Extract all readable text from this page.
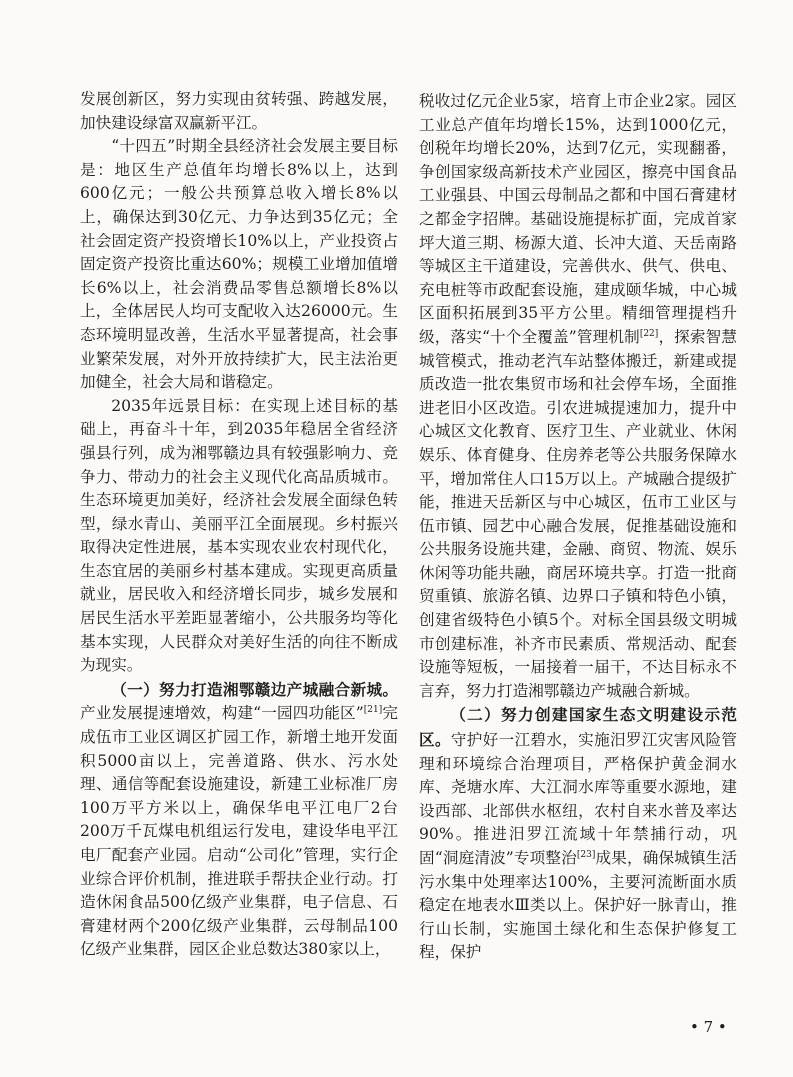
发展创新区，努力实现由贫转强、跨越发展，加快建设绿富双赢新平江。

“十四五”时期全县经济社会发展主要目标是：地区生产总值年均增长8%以上，达到600亿元；一般公共预算总收入增长8%以上，确保达到30亿元、力争达到35亿元；全社会固定资产投资增长10%以上，产业投资占固定资产投资比重达60%；规模工业增加值增长6%以上，社会消费品零售总额增长8%以上，全体居民人均可支配收入达26000元。生态环境明显改善，生活水平显著提高，社会事业繁荣发展，对外开放持续扩大，民主法治更加健全，社会大局和谐稳定。

2035年远景目标：在实现上述目标的基础上，再奋斗十年，到2035年稳居全省经济强县行列，成为湘鄂赣边具有较强影响力、竞争力、带动力的社会主义现代化高品质城市。生态环境更加美好，经济社会发展全面绿色转型，绿水青山、美丽平江全面展现。乡村振兴取得决定性进展，基本实现农业农村现代化，生态宜居的美丽乡村基本建成。实现更高质量就业，居民收入和经济增长同步，城乡发展和居民生活水平差距显著缩小，公共服务均等化基本实现，人民群众对美好生活的向往不断成为现实。

（一）努力打造湘鄂赣边产城融合新城。产业发展提速增效，构建“一园四功能区”[21]完成伍市工业区调区扩园工作，新增土地开发面积5000亩以上，完善道路、供水、污水处理、通信等配套设施建设，新建工业标准厂房100万平方米以上，确保华电平江电厂2台200万千瓦煤电机组运行发电，建设华电平江电厂配套产业园。启动“公司化”管理，实行企业综合评价机制，推进联手帮扶企业行动。打造休闲食品500亿级产业集群，电子信息、石膏建材两个200亿级产业集群，云母制品100亿级产业集群，园区企业总数达380家以上，

税收过亿元企业5家，培育上市企业2家。园区工业总产值年均增长15%，达到1000亿元，创税年均增长20%，达到7亿元，实现翻番，争创国家级高新技术产业园区，擦亮中国食品工业强县、中国云母制品之都和中国石膏建材之都金字招牌。基础设施提标扩面，完成首家坪大道三期、杨源大道、长冲大道、天岳南路等城区主干道建设，完善供水、供气、供电、充电桩等市政配套设施，建成颐华城，中心城区面积拓展到35平方公里。精细管理提档升级，落实“十个全覆盖”管理机制[22]，探索智慧城管模式，推动老汽车站整体搬迁，新建或提质改造一批农集贸市场和社会停车场，全面推进老旧小区改造。引农进城提速加力，提升中心城区文化教育、医疗卫生、产业就业、休闲娱乐、体育健身、住房养老等公共服务保障水平，增加常住人口15万以上。产城融合提级扩能，推进天岳新区与中心城区，伍市工业区与伍市镇、园艺中心融合发展，促推基础设施和公共服务设施共建，金融、商贸、物流、娱乐休闲等功能共融，商居环境共享。打造一批商贸重镇、旅游名镇、边界口子镇和特色小镇，创建省级特色小镇5个。对标全国县级文明城市创建标准，补齐市民素质、常规活动、配套设施等短板，一届接着一届干，不达目标永不言弃，努力打造湘鄂赣边产城融合新城。

（二）努力创建国家生态文明建设示范区。守护好一江碧水，实施汨罗江灾害风险管理和环境综合治理项目，严格保护黄金洞水库、尧塘水库、大江洞水库等重要水源地，建设西部、北部供水枢纽，农村自来水普及率达90%。推进汨罗江流域十年禁捕行动，巩固“洞庭清波”专项整治[23]成果，确保城镇生活污水集中处理率达100%，主要河流断面水质稳定在地表水Ⅲ类以上。保护好一脉青山，推行山长制，实施国土绿化和生态保护修复工程，保护

• 7 •
